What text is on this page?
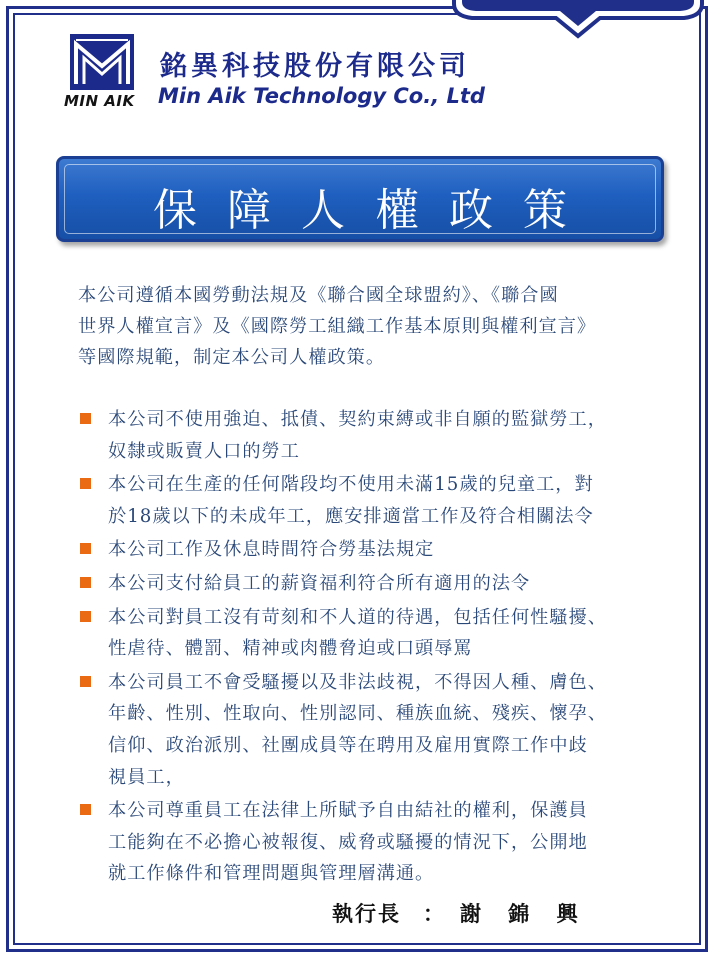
MIN AIK
銘異科技股份有限公司
Min Aik Technology Co., Ltd
保障人權政策
本公司遵循本國勞動法規及《聯合國全球盟約》、《聯合國
世界人權宣言》及《國際勞工組織工作基本原則與權利宣言》
等國際規範，制定本公司人權政策。
本公司不使用強迫、抵債、契約束縛或非自願的監獄勞工，
奴隸或販賣人口的勞工
本公司在生產的任何階段均不使用未滿15歲的兒童工，對
於18歲以下的未成年工，應安排適當工作及符合相關法令
本公司工作及休息時間符合勞基法規定
本公司支付給員工的薪資福利符合所有適用的法令
本公司對員工沒有苛刻和不人道的待遇，包括任何性騷擾、
性虐待、體罰、精神或肉體脅迫或口頭辱罵
本公司員工不會受騷擾以及非法歧視，不得因人種、膚色、
年齡、性別、性取向、性別認同、種族血統、殘疾、懷孕、
信仰、政治派別、社團成員等在聘用及雇用實際工作中歧
視員工，
本公司尊重員工在法律上所賦予自由結社的權利，保護員
工能夠在不必擔心被報復、威脅或騷擾的情況下，公開地
就工作條件和管理問題與管理層溝通。
執行長 ： 謝 錦 興
